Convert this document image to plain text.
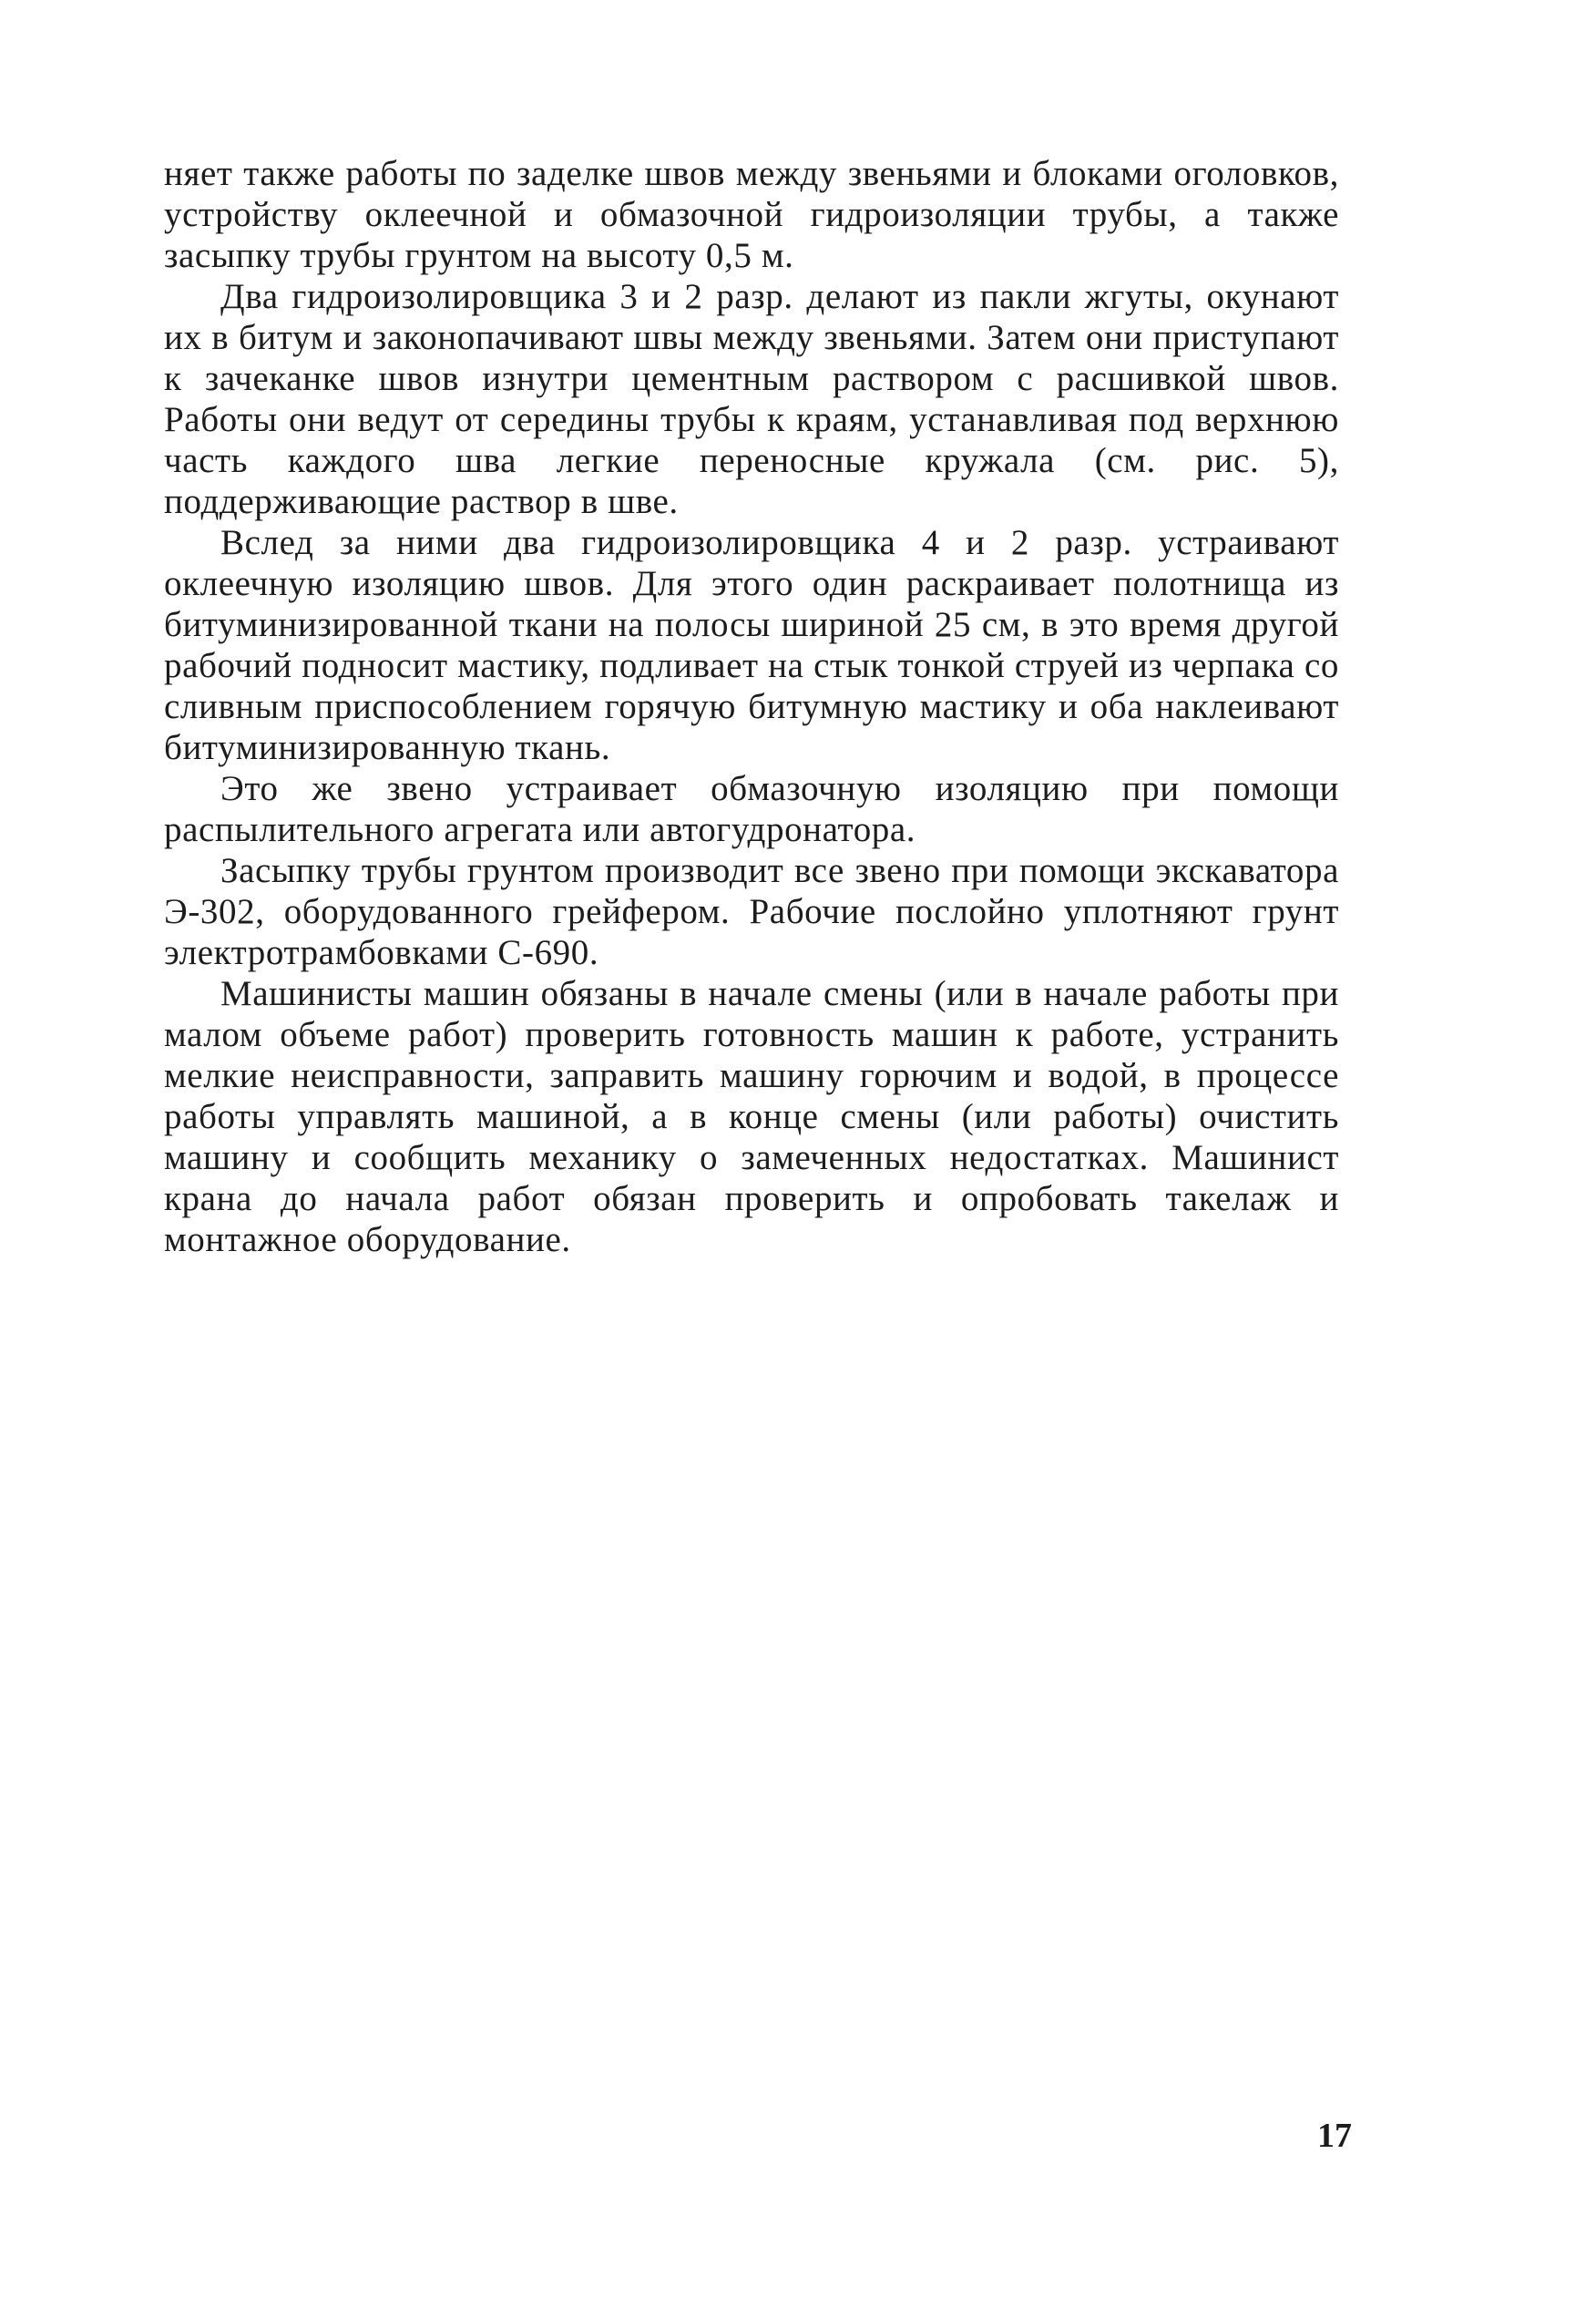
няет также работы по заделке швов между звеньями и блоками оголовков, устройству оклеечной и обмазочной гидроизоляции трубы, а также засыпку трубы грунтом на высоту 0,5 м.

Два гидроизолировщика 3 и 2 разр. делают из пакли жгуты, окунают их в битум и законопачивают швы между звеньями. Затем они приступают к зачеканке швов изнутри цементным раствором с расшивкой швов. Работы они ведут от середины трубы к краям, устанавливая под верхнюю часть каждого шва легкие переносные кружала (см. рис. 5), поддерживающие раствор в шве.

Вслед за ними два гидроизолировщика 4 и 2 разр. устраивают оклеечную изоляцию швов. Для этого один раскраивает полотнища из битуминизированной ткани на полосы шириной 25 см, в это время другой рабочий подносит мастику, подливает на стык тонкой струей из черпака со сливным приспособлением горячую битумную мастику и оба наклеивают битуминизированную ткань.

Это же звено устраивает обмазочную изоляцию при помощи распылительного агрегата или автогудронатора.

Засыпку трубы грунтом производит все звено при помощи экскаватора Э-302, оборудованного грейфером. Рабочие послойно уплотняют грунт электротрамбовками С-690.

Машинисты машин обязаны в начале смены (или в начале работы при малом объеме работ) проверить готовность машин к работе, устранить мелкие неисправности, заправить машину горючим и водой, в процессе работы управлять машиной, а в конце смены (или работы) очистить машину и сообщить механику о замеченных недостатках. Машинист крана до начала работ обязан проверить и опробовать такелаж и монтажное оборудование.

17
